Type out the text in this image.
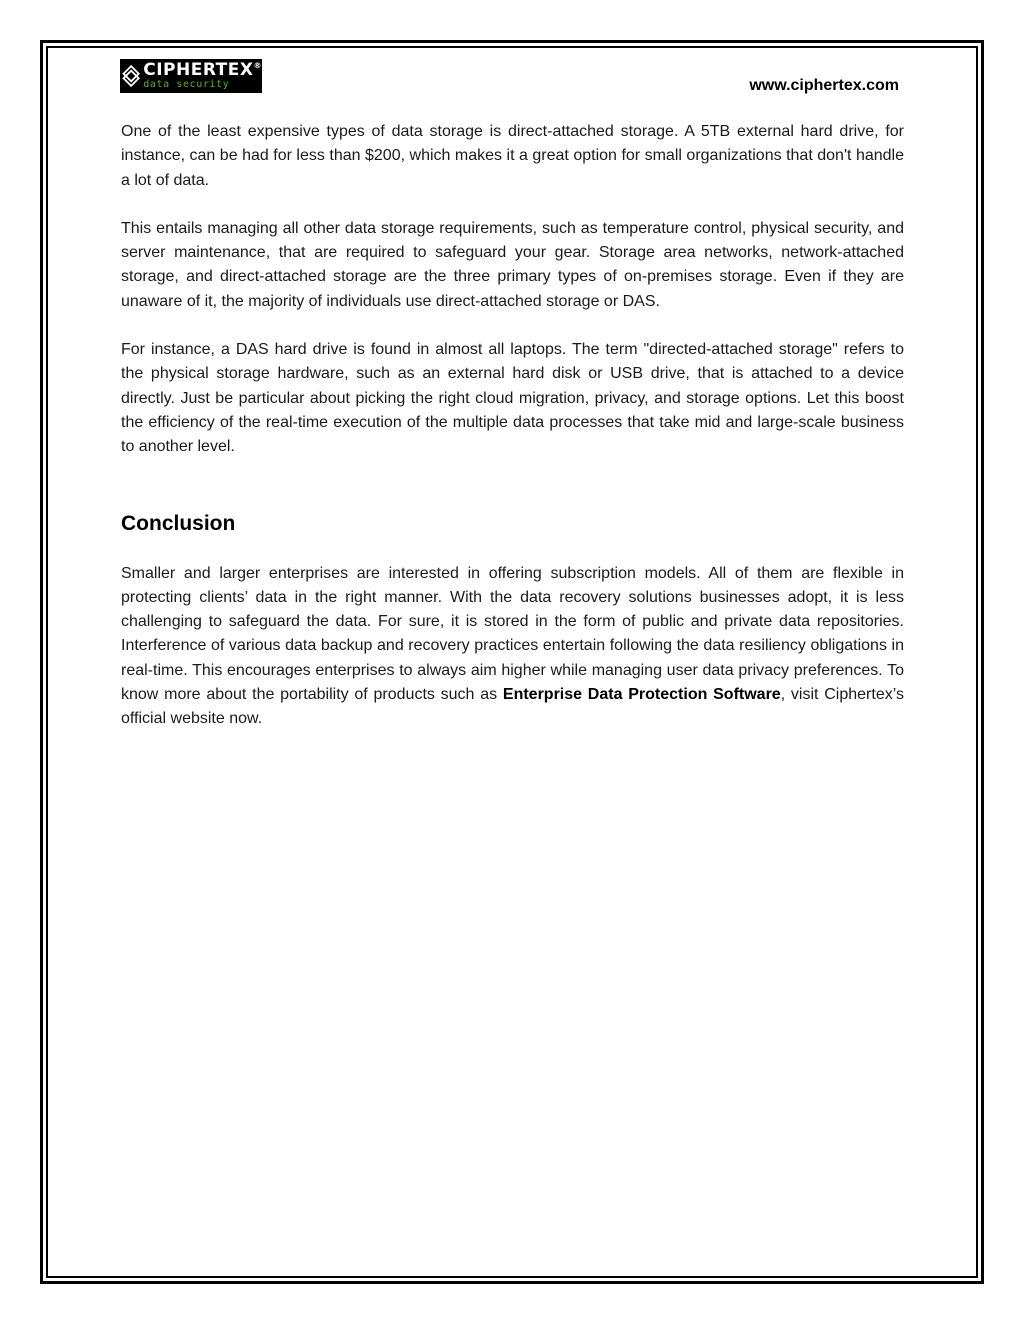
CIPHERTEX®
data security	www.ciphertex.com

One of the least expensive types of data storage is direct-attached storage. A 5TB external hard drive, for instance, can be had for less than $200, which makes it a great option for small organizations that don't handle a lot of data.

This entails managing all other data storage requirements, such as temperature control, physical security, and server maintenance, that are required to safeguard your gear. Storage area networks, network-attached storage, and direct-attached storage are the three primary types of on-premises storage. Even if they are unaware of it, the majority of individuals use direct-attached storage or DAS.

For instance, a DAS hard drive is found in almost all laptops. The term "directed-attached storage" refers to the physical storage hardware, such as an external hard disk or USB drive, that is attached to a device directly. Just be particular about picking the right cloud migration, privacy, and storage options. Let this boost the efficiency of the real-time execution of the multiple data processes that take mid and large-scale business to another level.

Conclusion

Smaller and larger enterprises are interested in offering subscription models. All of them are flexible in protecting clients’ data in the right manner. With the data recovery solutions businesses adopt, it is less challenging to safeguard the data. For sure, it is stored in the form of public and private data repositories. Interference of various data backup and recovery practices entertain following the data resiliency obligations in real-time. This encourages enterprises to always aim higher while managing user data privacy preferences. To know more about the portability of products such as Enterprise Data Protection Software, visit Ciphertex’s official website now.
